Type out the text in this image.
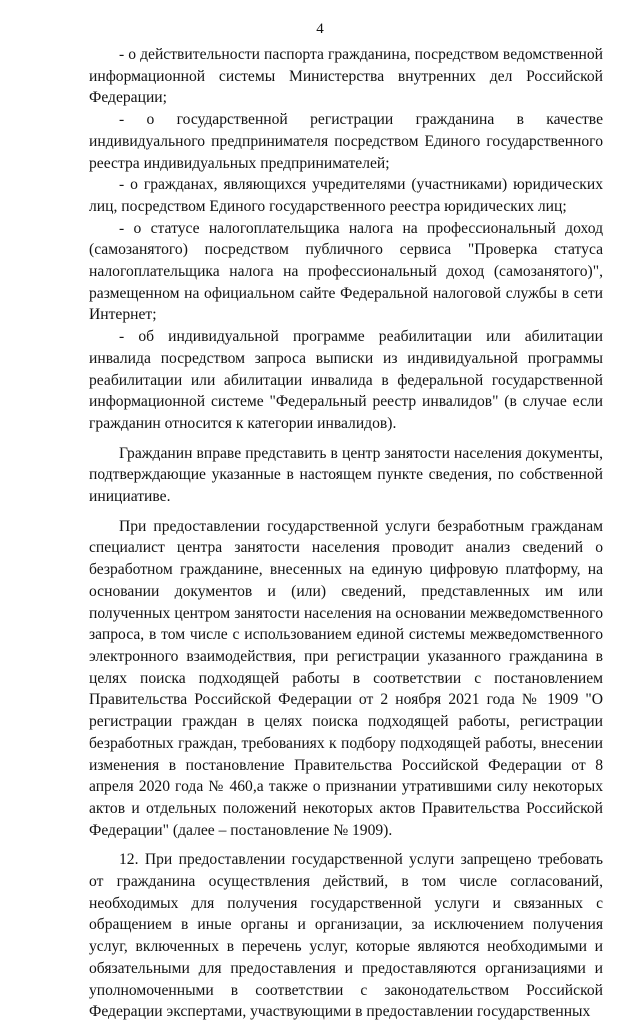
4

- о действительности паспорта гражданина, посредством ведомственной информационной системы Министерства внутренних дел Российской Федерации;

- о государственной регистрации гражданина в качестве индивидуального предпринимателя посредством Единого государственного реестра индивидуальных предпринимателей;

- о гражданах, являющихся учредителями (участниками) юридических лиц, посредством Единого государственного реестра юридических лиц;

- о статусе налогоплательщика налога на профессиональный доход (самозанятого) посредством публичного сервиса "Проверка статуса налогоплательщика налога на профессиональный доход (самозанятого)", размещенном на официальном сайте Федеральной налоговой службы в сети Интернет;

- об индивидуальной программе реабилитации или абилитации инвалида посредством запроса выписки из индивидуальной программы реабилитации или абилитации инвалида в федеральной государственной информационной системе "Федеральный реестр инвалидов" (в случае если гражданин относится к категории инвалидов).

Гражданин вправе представить в центр занятости населения документы, подтверждающие указанные в настоящем пункте сведения, по собственной инициативе.

При предоставлении государственной услуги безработным гражданам специалист центра занятости населения проводит анализ сведений о безработном гражданине, внесенных на единую цифровую платформу, на основании документов и (или) сведений, представленных им или полученных центром занятости населения на основании межведомственного запроса, в том числе с использованием единой системы межведомственного электронного взаимодействия, при регистрации указанного гражданина в целях поиска подходящей работы в соответствии с постановлением Правительства Российской Федерации от 2 ноября 2021 года № 1909 "О регистрации граждан в целях поиска подходящей работы, регистрации безработных граждан, требованиях к подбору подходящей работы, внесении изменения в постановление Правительства Российской Федерации от 8 апреля 2020 года № 460,а также о признании утратившими силу некоторых актов и отдельных положений некоторых актов Правительства Российской Федерации" (далее – постановление № 1909).

12. При предоставлении государственной услуги запрещено требовать от гражданина осуществления действий, в том числе согласований, необходимых для получения государственной услуги и связанных с обращением в иные органы и организации, за исключением получения услуг, включенных в перечень услуг, которые являются необходимыми и обязательными для предоставления и предоставляются организациями и уполномоченными в соответствии с законодательством Российской Федерации экспертами, участвующими в предоставлении государственных
